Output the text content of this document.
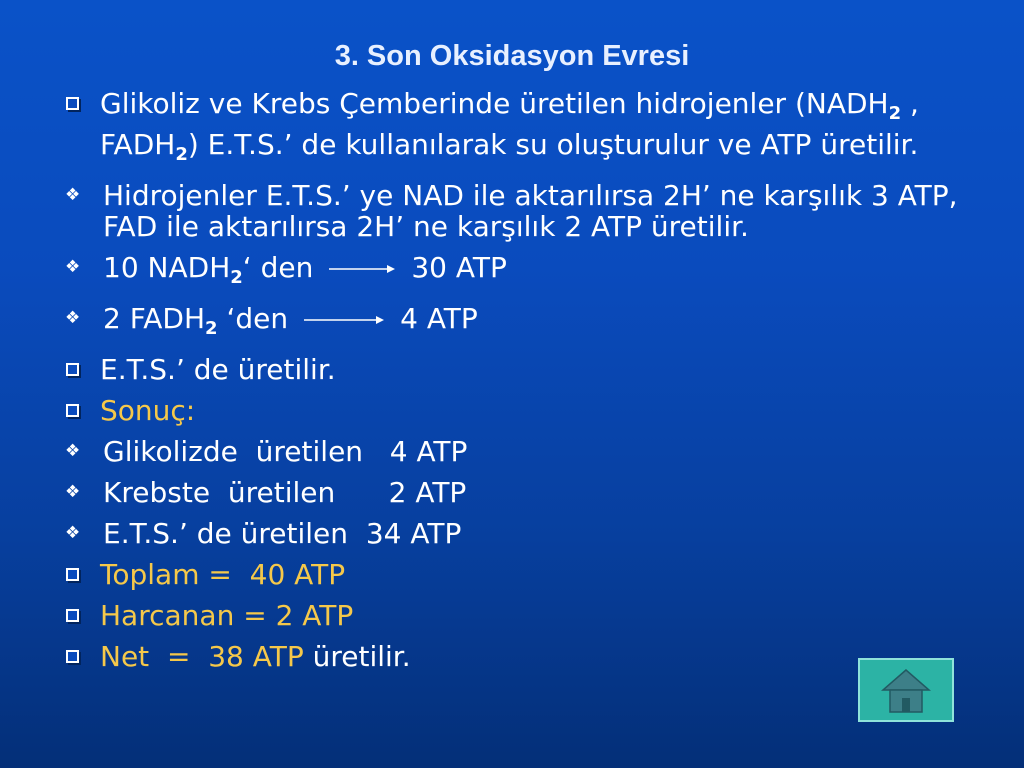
3. Son Oksidasyon Evresi
Glikoliz ve Krebs Çemberinde üretilen hidrojenler ($NADH_2$ , $FADH_2$) E.T.S.’ de kullanılarak su oluşturulur ve ATP üretilir.
❖ Hidrojenler E.T.S.’ ye NAD ile aktarılırsa 2H’ ne karşılık 3 ATP, FAD ile aktarılırsa 2H’ ne karşılık 2 ATP üretilir.
❖ 10 $NADH_2‘$ den	30 ATP
❖ 2 $FADH_2$ ‘den	4 ATP
E.T.S.’ de üretilir.
Sonuç:
❖ Glikolizde  üretilen   4 ATP
❖ Krebste  üretilen      2 ATP
❖ E.T.S.’ de üretilen  34 ATP
Toplam =  40 ATP
Harcanan = 2 ATP
Net  =  38 ATP üretilir.
